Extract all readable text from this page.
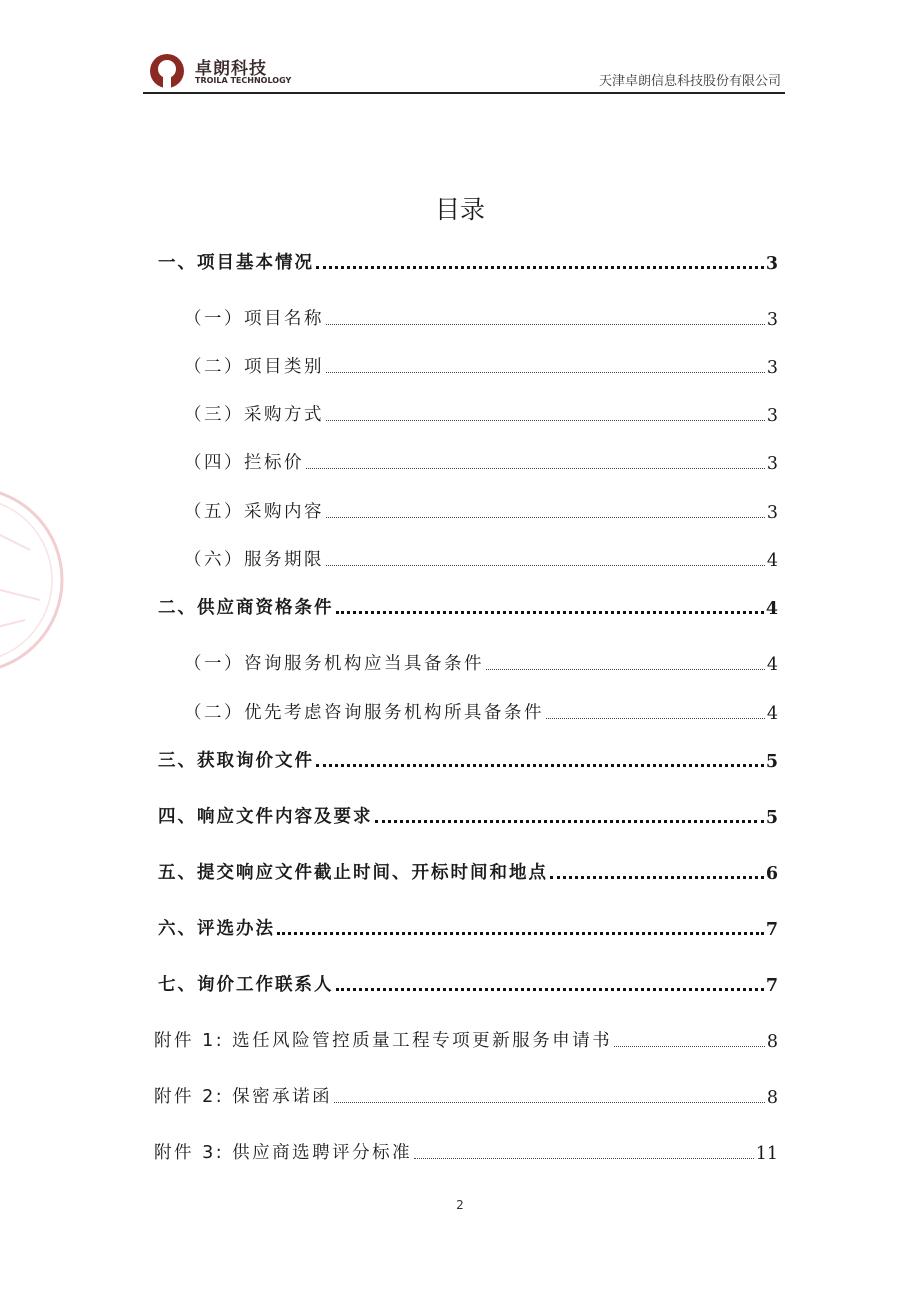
卓朗科技
TROILA TECHNOLOGY	天津卓朗信息科技股份有限公司
目录
一、项目基本情况	3
（一）项目名称	3
（二）项目类别	3
（三）采购方式	3
（四）拦标价	3
（五）采购内容	3
（六）服务期限	4
二、供应商资格条件	4
（一）咨询服务机构应当具备条件	4
（二）优先考虑咨询服务机构所具备条件	4
三、获取询价文件	5
四、响应文件内容及要求	5
五、提交响应文件截止时间、开标时间和地点	6
六、评选办法	7
七、询价工作联系人	7
附件 1: 选任风险管控质量工程专项更新服务申请书	8
附件 2: 保密承诺函	8
附件 3: 供应商选聘评分标准	11
2
